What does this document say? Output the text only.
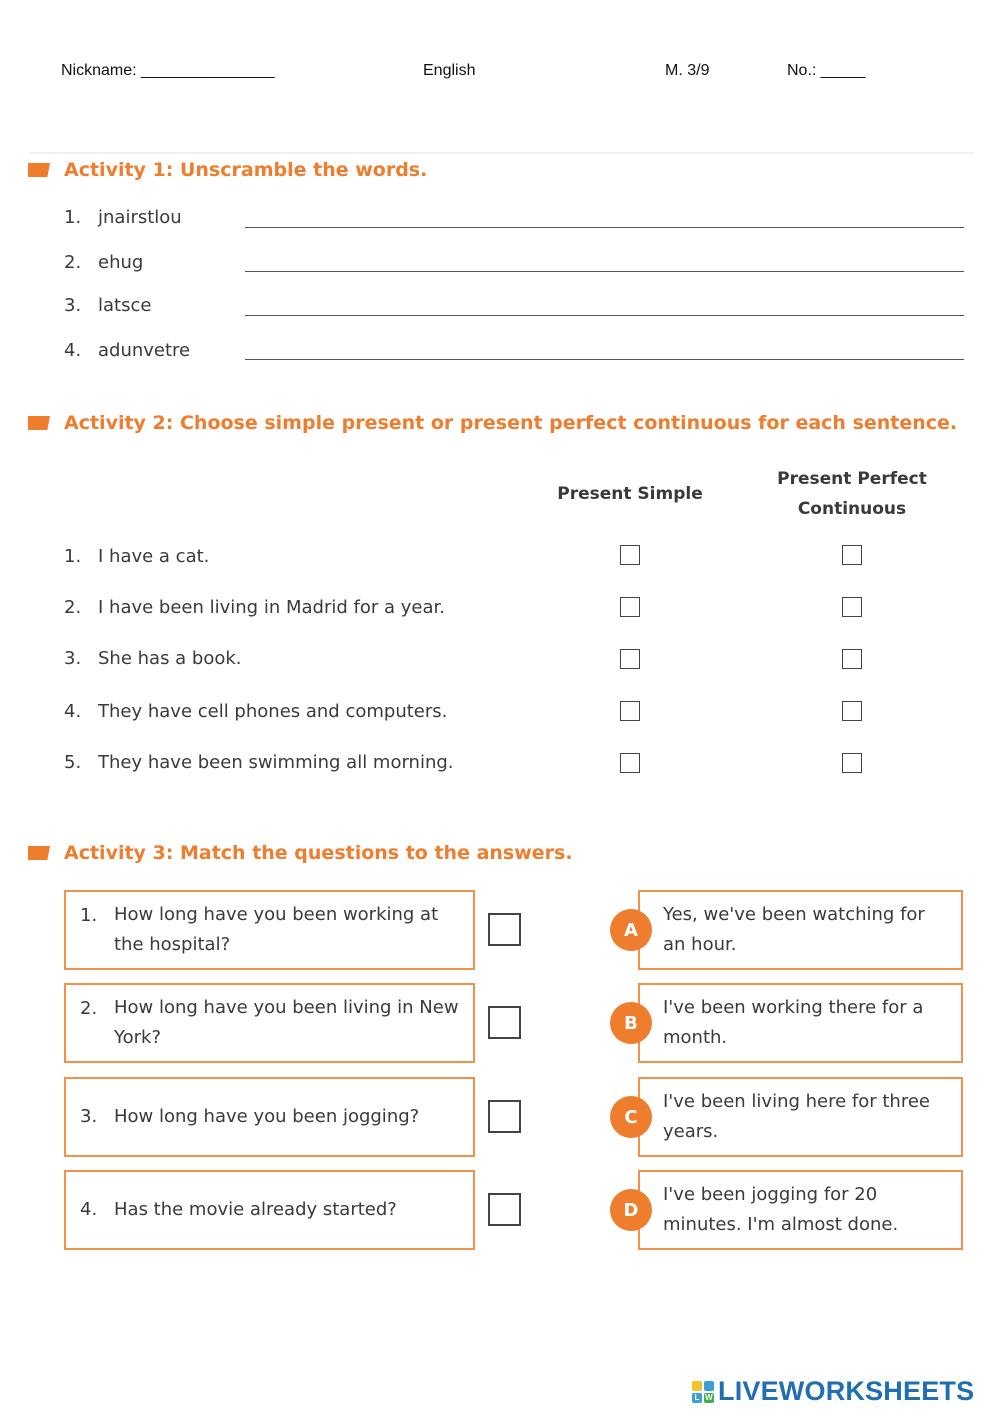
Nickname: _______________	English	M. 3/9	No.: _____
Activity 1: Unscramble the words.
1. jnairstlou
2. ehug
3. latsce
4. adunvetre
Activity 2: Choose simple present or present perfect continuous for each sentence.
Present Simple
Present Perfect
Continuous
1. I have a cat.
2. I have been living in Madrid for a year.
3. She has a book.
4. They have cell phones and computers.
5. They have been swimming all morning.
Activity 3: Match the questions to the answers.
1. How long have you been working at the hospital?
Yes, we've been watching for an hour.
A
2. How long have you been living in New York?
I've been working there for a month.
B
3. How long have you been jogging?
I've been living here for three years.
C
4. Has the movie already started?
I've been jogging for 20 minutes. I'm almost done.
D
L W LIVEWORKSHEETS
